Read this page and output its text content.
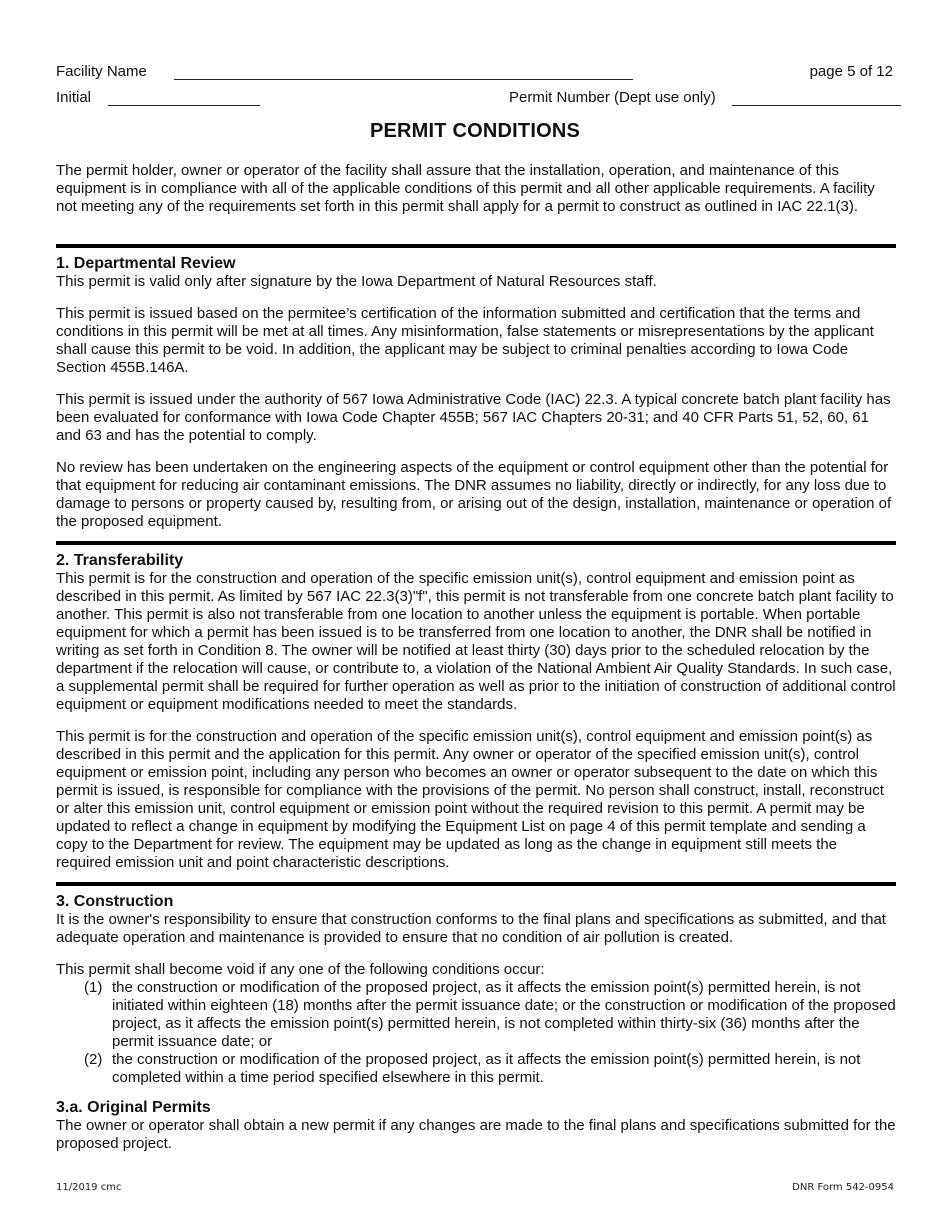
Facility Name	page 5 of 12
Initial	Permit Number (Dept use only)
PERMIT CONDITIONS

The permit holder, owner or operator of the facility shall assure that the installation, operation, and maintenance of this equipment is in compliance with all of the applicable conditions of this permit and all other applicable requirements. A facility not meeting any of the requirements set forth in this permit shall apply for a permit to construct as outlined in IAC 22.1(3).

1. Departmental Review

This permit is valid only after signature by the Iowa Department of Natural Resources staff.

This permit is issued based on the permitee’s certification of the information submitted and certification that the terms and conditions in this permit will be met at all times. Any misinformation, false statements or misrepresentations by the applicant shall cause this permit to be void. In addition, the applicant may be subject to criminal penalties according to Iowa Code Section 455B.146A.

This permit is issued under the authority of 567 Iowa Administrative Code (IAC) 22.3. A typical concrete batch plant facility has been evaluated for conformance with Iowa Code Chapter 455B; 567 IAC Chapters 20-31; and 40 CFR Parts 51, 52, 60, 61 and 63 and has the potential to comply.

No review has been undertaken on the engineering aspects of the equipment or control equipment other than the potential for that equipment for reducing air contaminant emissions. The DNR assumes no liability, directly or indirectly, for any loss due to damage to persons or property caused by, resulting from, or arising out of the design, installation, maintenance or operation of the proposed equipment.

2. Transferability

This permit is for the construction and operation of the specific emission unit(s), control equipment and emission point as described in this permit. As limited by 567 IAC 22.3(3)"f", this permit is not transferable from one concrete batch plant facility to another. This permit is also not transferable from one location to another unless the equipment is portable. When portable equipment for which a permit has been issued is to be transferred from one location to another, the DNR shall be notified in writing as set forth in Condition 8. The owner will be notified at least thirty (30) days prior to the scheduled relocation by the department if the relocation will cause, or contribute to, a violation of the National Ambient Air Quality Standards. In such case, a supplemental permit shall be required for further operation as well as prior to the initiation of construction of additional control equipment or equipment modifications needed to meet the standards.

This permit is for the construction and operation of the specific emission unit(s), control equipment and emission point(s) as described in this permit and the application for this permit. Any owner or operator of the specified emission unit(s), control equipment or emission point, including any person who becomes an owner or operator subsequent to the date on which this permit is issued, is responsible for compliance with the provisions of the permit. No person shall construct, install, reconstruct or alter this emission unit, control equipment or emission point without the required revision to this permit. A permit may be updated to reflect a change in equipment by modifying the Equipment List on page 4 of this permit template and sending a copy to the Department for review. The equipment may be updated as long as the change in equipment still meets the required emission unit and point characteristic descriptions.

3. Construction

It is the owner's responsibility to ensure that construction conforms to the final plans and specifications as submitted, and that adequate operation and maintenance is provided to ensure that no condition of air pollution is created.

This permit shall become void if any one of the following conditions occur:

(1) the construction or modification of the proposed project, as it affects the emission point(s) permitted herein, is not initiated within eighteen (18) months after the permit issuance date; or the construction or modification of the proposed project, as it affects the emission point(s) permitted herein, is not completed within thirty-six (36) months after the permit issuance date; or
(2) the construction or modification of the proposed project, as it affects the emission point(s) permitted herein, is not completed within a time period specified elsewhere in this permit.
3.a. Original Permits

The owner or operator shall obtain a new permit if any changes are made to the final plans and specifications submitted for the proposed project.

11/2019 cmc	DNR Form 542-0954
